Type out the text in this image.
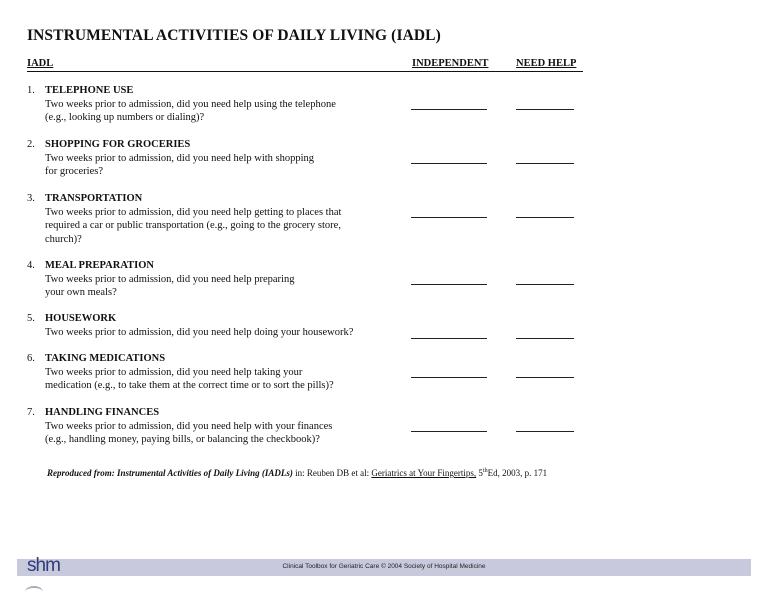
INSTRUMENTAL ACTIVITIES OF DAILY LIVING (IADL)
IADL	INDEPENDENT	NEED HELP
1. TELEPHONE USE
Two weeks prior to admission, did you need help using the telephone
(e.g., looking up numbers or dialing)?
2. SHOPPING FOR GROCERIES
Two weeks prior to admission, did you need help with shopping
for groceries?
3. TRANSPORTATION
Two weeks prior to admission, did you need help getting to places that
required a car or public transportation (e.g., going to the grocery store,
church)?
4. MEAL PREPARATION
Two weeks prior to admission, did you need help preparing
your own meals?
5. HOUSEWORK
Two weeks prior to admission, did you need help doing your housework?
6. TAKING MEDICATIONS
Two weeks prior to admission, did you need help taking your
medication (e.g., to take them at the correct time or to sort the pills)?
7. HANDLING FINANCES
Two weeks prior to admission, did you need help with your finances
(e.g., handling money, paying bills, or balancing the checkbook)?
Reproduced from: Instrumental Activities of Daily Living (IADLs) in: Reuben DB et al: Geriatrics at Your Fingertips, 5thEd, 2003, p. 171
Clinical Toolbox for Geriatric Care © 2004 Society of Hospital Medicine
shm
